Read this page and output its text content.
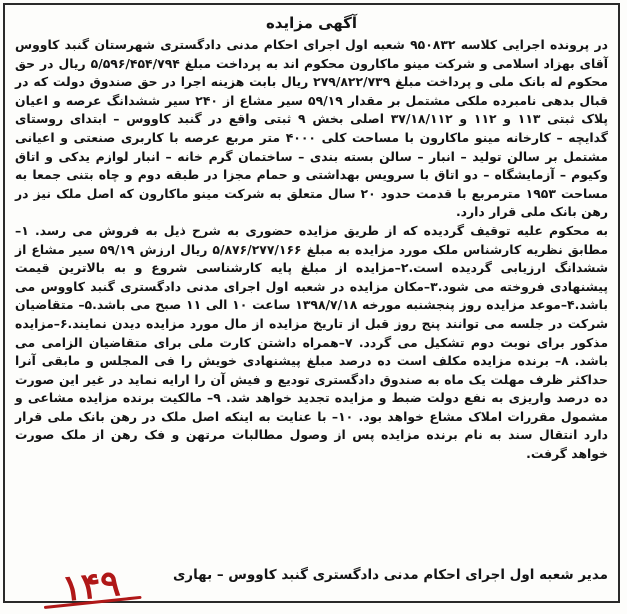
آگهی مزایده

در پرونده اجرایی کلاسه ۹۵۰۸۳۲ شعبه اول اجرای احکام مدنی دادگستری شهرستان گنبد کاووس آقای بهزاد اسلامی و شرکت مینو ماکارون محکوم اند به پرداخت مبلغ ۵/۵۹۶/۴۵۴/۷۹۴ ریال در حق محکوم له بانک ملی و پرداخت مبلغ ۲۷۹/۸۲۲/۷۳۹ ریال بابت هزینه اجرا در حق صندوق دولت که در قبال بدهی نامبرده ملکی مشتمل بر مقدار ۵۹/۱۹ سیر مشاع از ۲۴۰ سیر ششدانگ عرصه و اعیان پلاک ثبتی ۱۱۳ و ۱۱۲ و ۳۷/۱۸/۱۱۲ اصلی بخش ۹ ثبتی واقع در گنبد کاووس – ابتدای روستای گدایچه – کارخانه مینو ماکارون با مساحت کلی ۴۰۰۰ متر مربع عرصه با کاربری صنعتی و اعیانی مشتمل بر سالن تولید – انبار – سالن بسته بندی – ساختمان گرم خانه – انبار لوازم یدکی و اتاق وکیوم – آزمایشگاه – دو اتاق با سرویس بهداشتی و حمام مجزا در طبقه دوم و چاه بتنی جمعا به مساحت ۱۹۵۳ مترمربع با قدمت حدود ۲۰ سال متعلق به شرکت مینو ماکارون که اصل ملک نیز در رهن بانک ملی قرار دارد.

به محکوم علیه توقیف گردیده که از طریق مزایده حضوری به شرح ذیل به فروش می رسد. ۱–مطابق نظریه کارشناس ملک مورد مزایده به مبلغ ۵/۸۷۶/۲۷۷/۱۶۶ ریال ارزش ۵۹/۱۹ سیر مشاع از ششدانگ ارزیابی گردیده است.۲–مزایده از مبلغ پایه کارشناسی شروع و به بالاترین قیمت پیشنهادی فروخته می شود.۳–مکان مزایده در شعبه اول اجرای مدنی دادگستری گنبد کاووس می باشد.۴–موعد مزایده روز پنجشنبه مورخه ۱۳۹۸/۷/۱۸ ساعت ۱۰ الی ۱۱ صبح می باشد.۵– متقاضیان شرکت در جلسه می توانند پنج روز قبل از تاریخ مزایده از مال مورد مزایده دیدن نمایند.۶–مزایده مذکور برای نوبت دوم تشکیل می گردد. ۷–همراه داشتن کارت ملی برای متقاضیان الزامی می باشد. ۸– برنده مزایده مکلف است ده درصد مبلغ پیشنهادی خویش را فی المجلس و مابقی آنرا حداکثر ظرف مهلت یک ماه به صندوق دادگستری تودیع و فیش آن را ارایه نماید در غیر این صورت ده درصد واریزی به نفع دولت ضبط و مزایده تجدید خواهد شد. ۹– مالکیت برنده مزایده مشاعی و مشمول مقررات املاک مشاع خواهد بود. ۱۰– با عنایت به اینکه اصل ملک در رهن بانک ملی قرار دارد انتقال سند به نام برنده مزایده پس از وصول مطالبات مرتهن و فک رهن از ملک صورت خواهد گرفت.

مدیر شعبه اول اجرای احکام مدنی دادگستری گنبد کاووس – بهاری
۱۴۹
